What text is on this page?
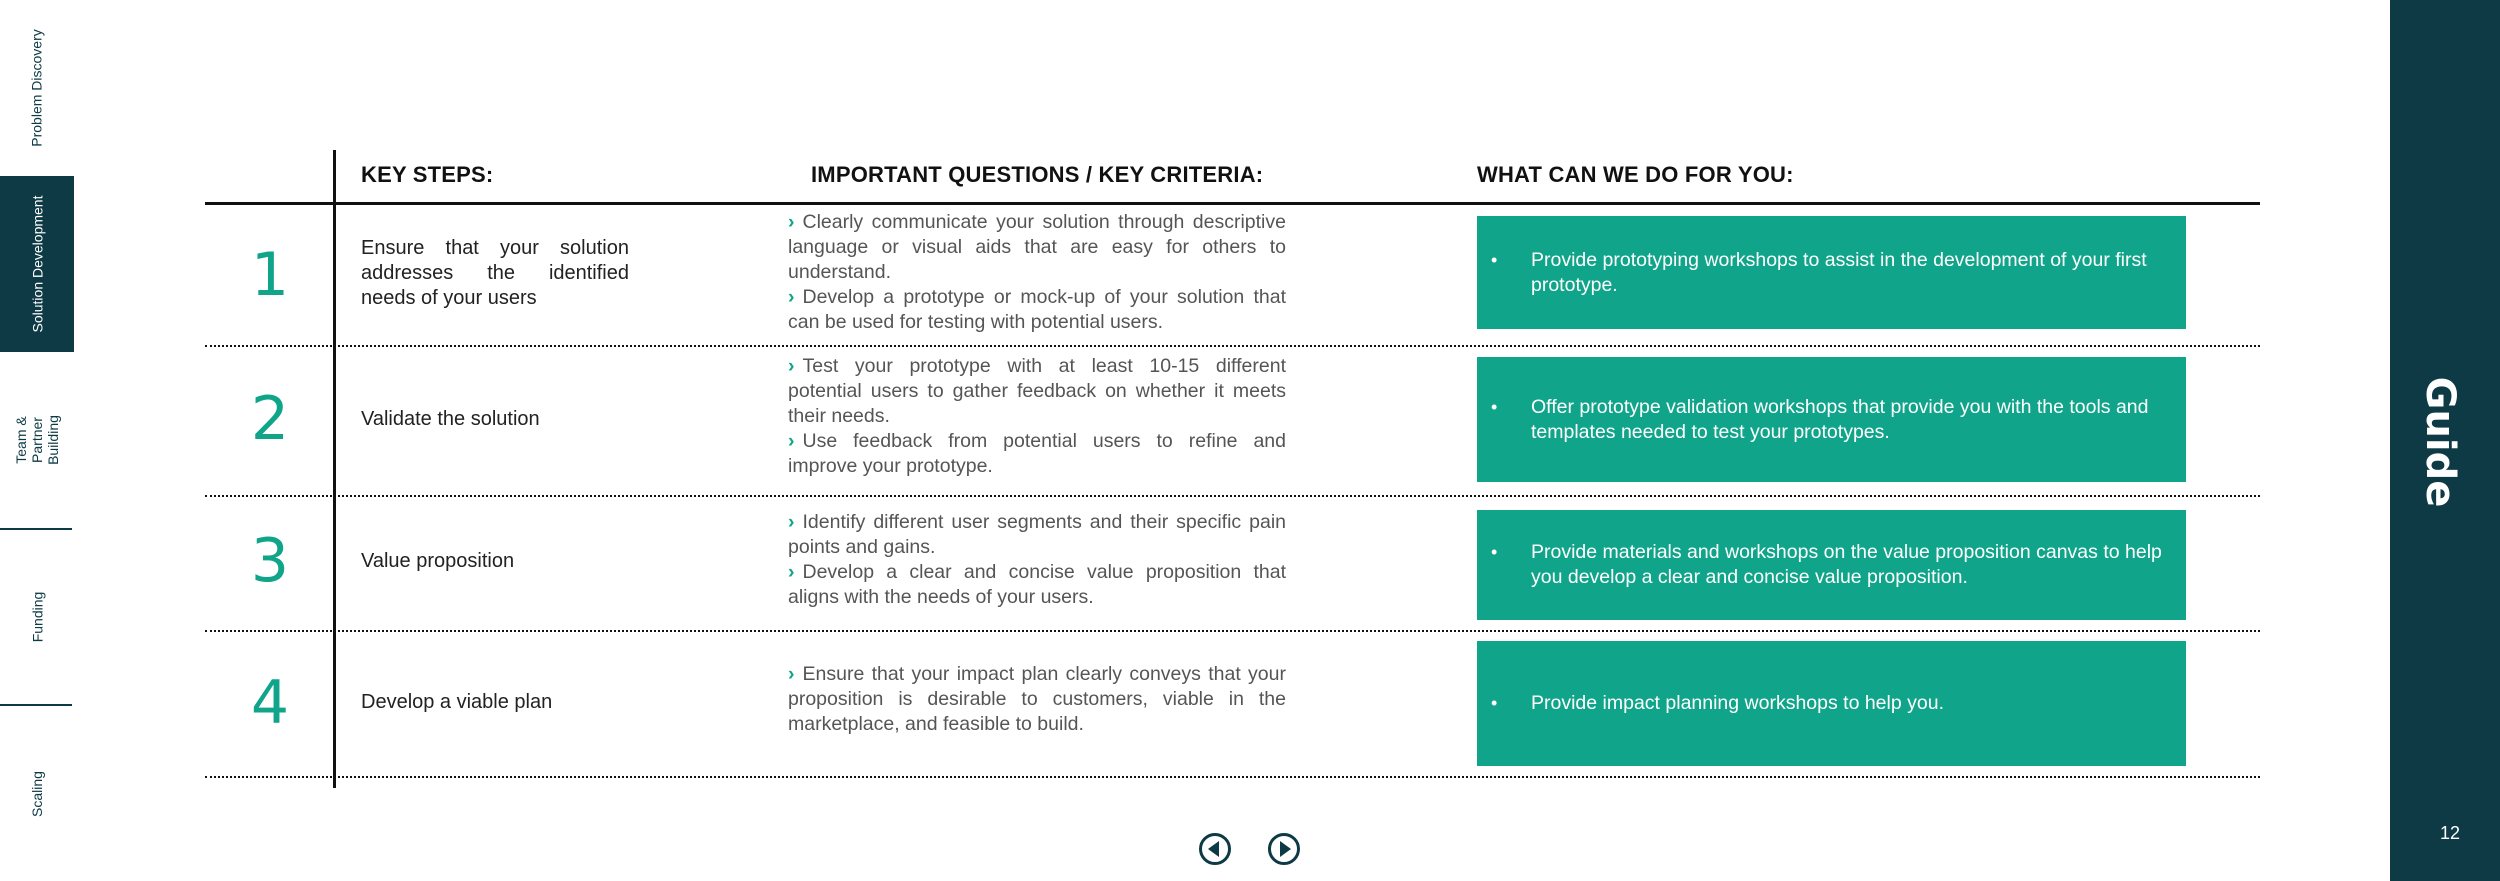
Problem Discovery
Solution Development
Team & Partner Building
Funding
Scaling
Guide
12
KEY STEPS:	IMPORTANT QUESTIONS / KEY CRITERIA:	WHAT CAN WE DO FOR YOU:
1	Ensure that your solution addresses the identified needs of your users
› Clearly communicate your solution through descriptive language or visual aids that are easy for others to understand.
› Develop a prototype or mock-up of your solution that can be used for testing with potential users.
•	Provide prototyping workshops to assist in the development of your first prototype.
2	Validate the solution
› Test your prototype with at least 10-15 different potential users to gather feedback on whether it meets their needs.
› Use feedback from potential users to refine and improve your prototype.
•	Offer prototype validation workshops that provide you with the tools and templates needed to test your prototypes.
3	Value proposition
› Identify different user segments and their specific pain points and gains.
› Develop a clear and concise value proposition that aligns with the needs of your users.
•	Provide materials and workshops on the value proposition canvas to help you develop a clear and concise value proposition.
4	Develop a viable plan
› Ensure that your impact plan clearly conveys that your proposition is desirable to customers, viable in the marketplace, and feasible to build.
•	Provide impact planning workshops to help you.
